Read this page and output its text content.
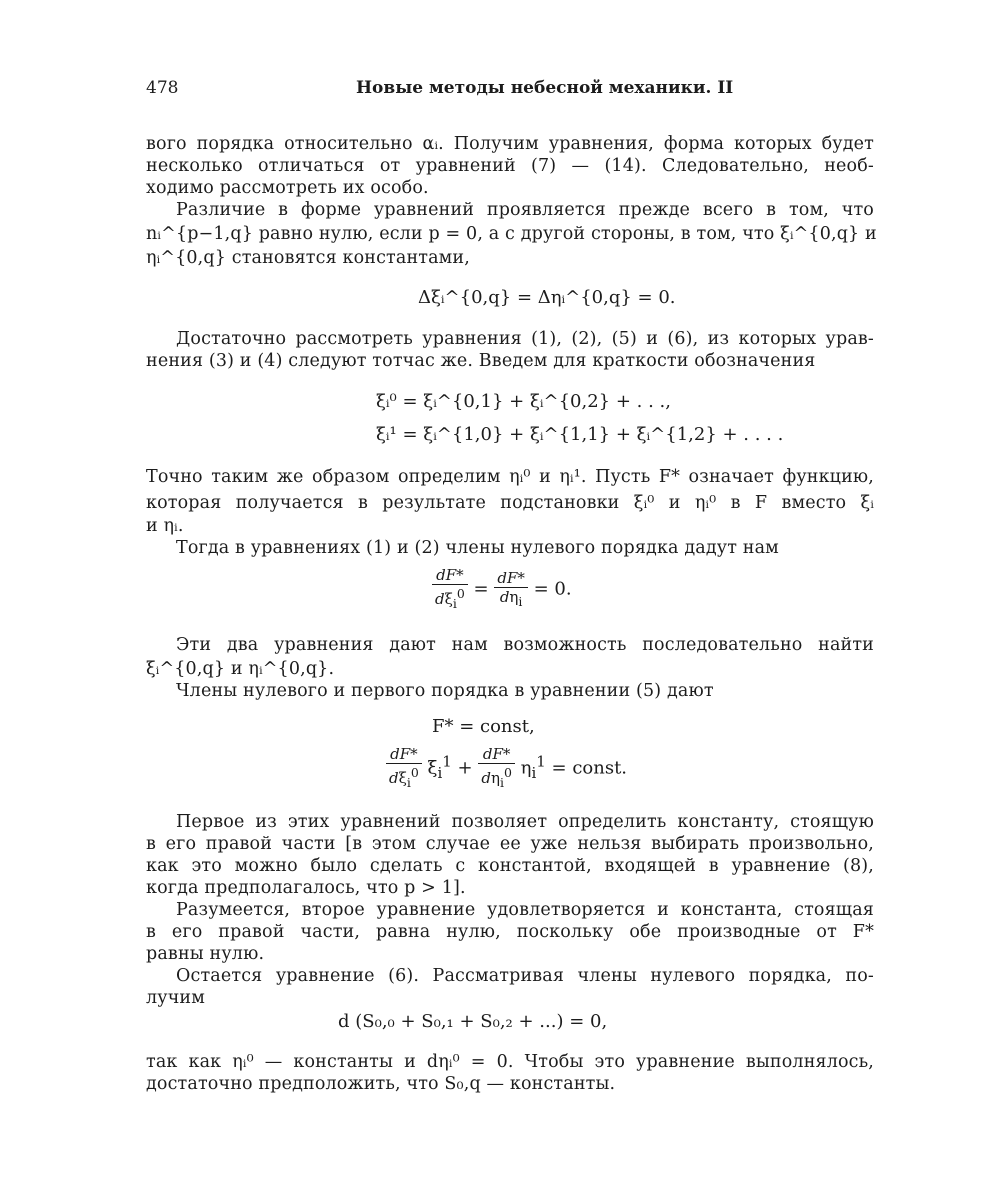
478	Новые методы небесной механики. II
вого порядка относительно αᵢ. Получим уравнения, форма которых будет
несколько отличаться от уравнений (7) — (14). Следовательно, необ-
ходимо рассмотреть их особо.
Различие в форме уравнений проявляется прежде всего в том, что
nᵢ^{p−1,q} равно нулю, если p = 0, а с другой стороны, в том, что ξᵢ^{0,q} и
ηᵢ^{0,q} становятся константами,
Δξᵢ^{0,q} = Δηᵢ^{0,q} = 0.
Достаточно рассмотреть уравнения (1), (2), (5) и (6), из которых урав-
нения (3) и (4) следуют тотчас же. Введем для краткости обозначения
ξᵢ⁰ = ξᵢ^{0,1} + ξᵢ^{0,2} + . . .,
ξᵢ¹ = ξᵢ^{1,0} + ξᵢ^{1,1} + ξᵢ^{1,2} + . . . .
Точно таким же образом определим ηᵢ⁰ и ηᵢ¹. Пусть F* означает функцию,
которая получается в результате подстановки ξᵢ⁰ и ηᵢ⁰ в F вместо ξᵢ
и ηᵢ.
Тогда в уравнениях (1) и (2) члены нулевого порядка дадут нам
$\frac{dF*}{d\xi_i^0} = \frac{dF*}{d\eta_i} = 0$.
Эти два уравнения дают нам возможность последовательно найти
ξᵢ^{0,q} и ηᵢ^{0,q}.
Члены нулевого и первого порядка в уравнении (5) дают
F* = const,
$\frac{dF*}{d\xi_i^0} \xi_i^1 + \frac{dF*}{d\eta_i^0} \eta_i^1$ = const.
Первое из этих уравнений позволяет определить константу, стоящую
в его правой части [в этом случае ее уже нельзя выбирать произвольно,
как это можно было сделать с константой, входящей в уравнение (8),
когда предполагалось, что p > 1].
Разумеется, второе уравнение удовлетворяется и константа, стоящая
в его правой части, равна нулю, поскольку обе производные от F*
равны нулю.
Остается уравнение (6). Рассматривая члены нулевого порядка, по-
лучим
d (S₀,₀ + S₀,₁ + S₀,₂ + ...) = 0,
так как ηᵢ⁰ — константы и dηᵢ⁰ = 0. Чтобы это уравнение выполнялось,
достаточно предположить, что S₀,q — константы.
dF*/dξᵢ⁰ = dF*/dηᵢ = 0.
(dF*/dξᵢ⁰) ξᵢ¹ + (dF*/dηᵢ⁰) ηᵢ¹ = const.
